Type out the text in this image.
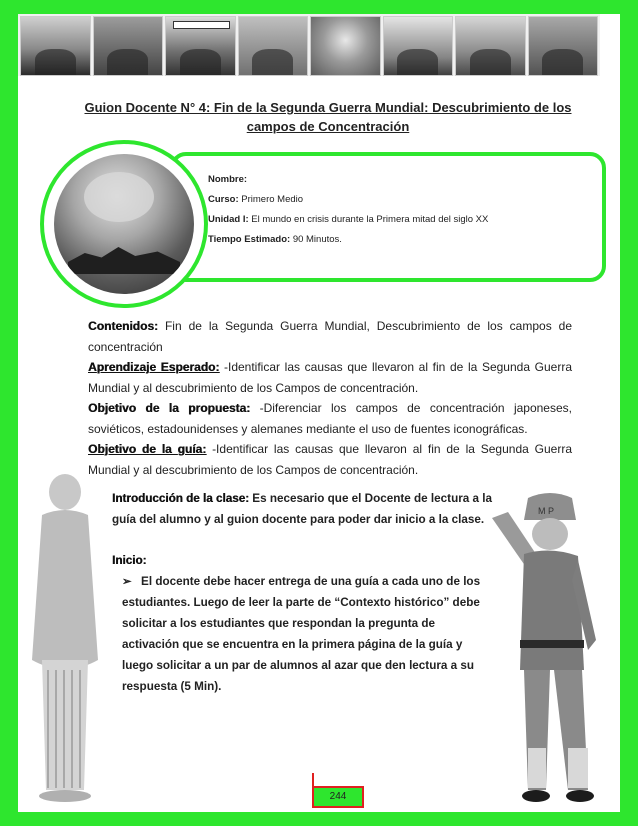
Guion Docente N° 4: Fin de la Segunda Guerra Mundial: Descubrimiento de los campos de Concentración
Nombre:
Curso: Primero Medio
Unidad I: El mundo en crisis durante la Primera mitad del siglo XX
Tiempo Estimado: 90 Minutos.

Contenidos: Fin de la Segunda Guerra Mundial, Descubrimiento de los campos de concentración

Aprendizaje Esperado: -Identificar las causas que llevaron al fin de la Segunda Guerra Mundial y al descubrimiento de los Campos de concentración.

Objetivo de la propuesta: -Diferenciar los campos de concentración japoneses, soviéticos, estadounidenses y alemanes mediante el uso de fuentes iconográficas.

Objetivo de la guía: -Identificar las causas que llevaron al fin de la Segunda Guerra Mundial y al descubrimiento de los Campos de concentración.

M P

Introducción de la clase: Es necesario que el Docente de lectura a la

guía del alumno y al guion docente para poder dar inicio a la clase.

Inicio:

➢ El docente debe hacer entrega de una guía a cada uno de los

estudiantes. Luego de leer la parte de “Contexto histórico” debe

solicitar a los estudiantes que respondan la pregunta de

activación que se encuentra en la primera página de la guía y

luego solicitar a un par de alumnos al azar que den lectura a su

respuesta (5 Min).

244
